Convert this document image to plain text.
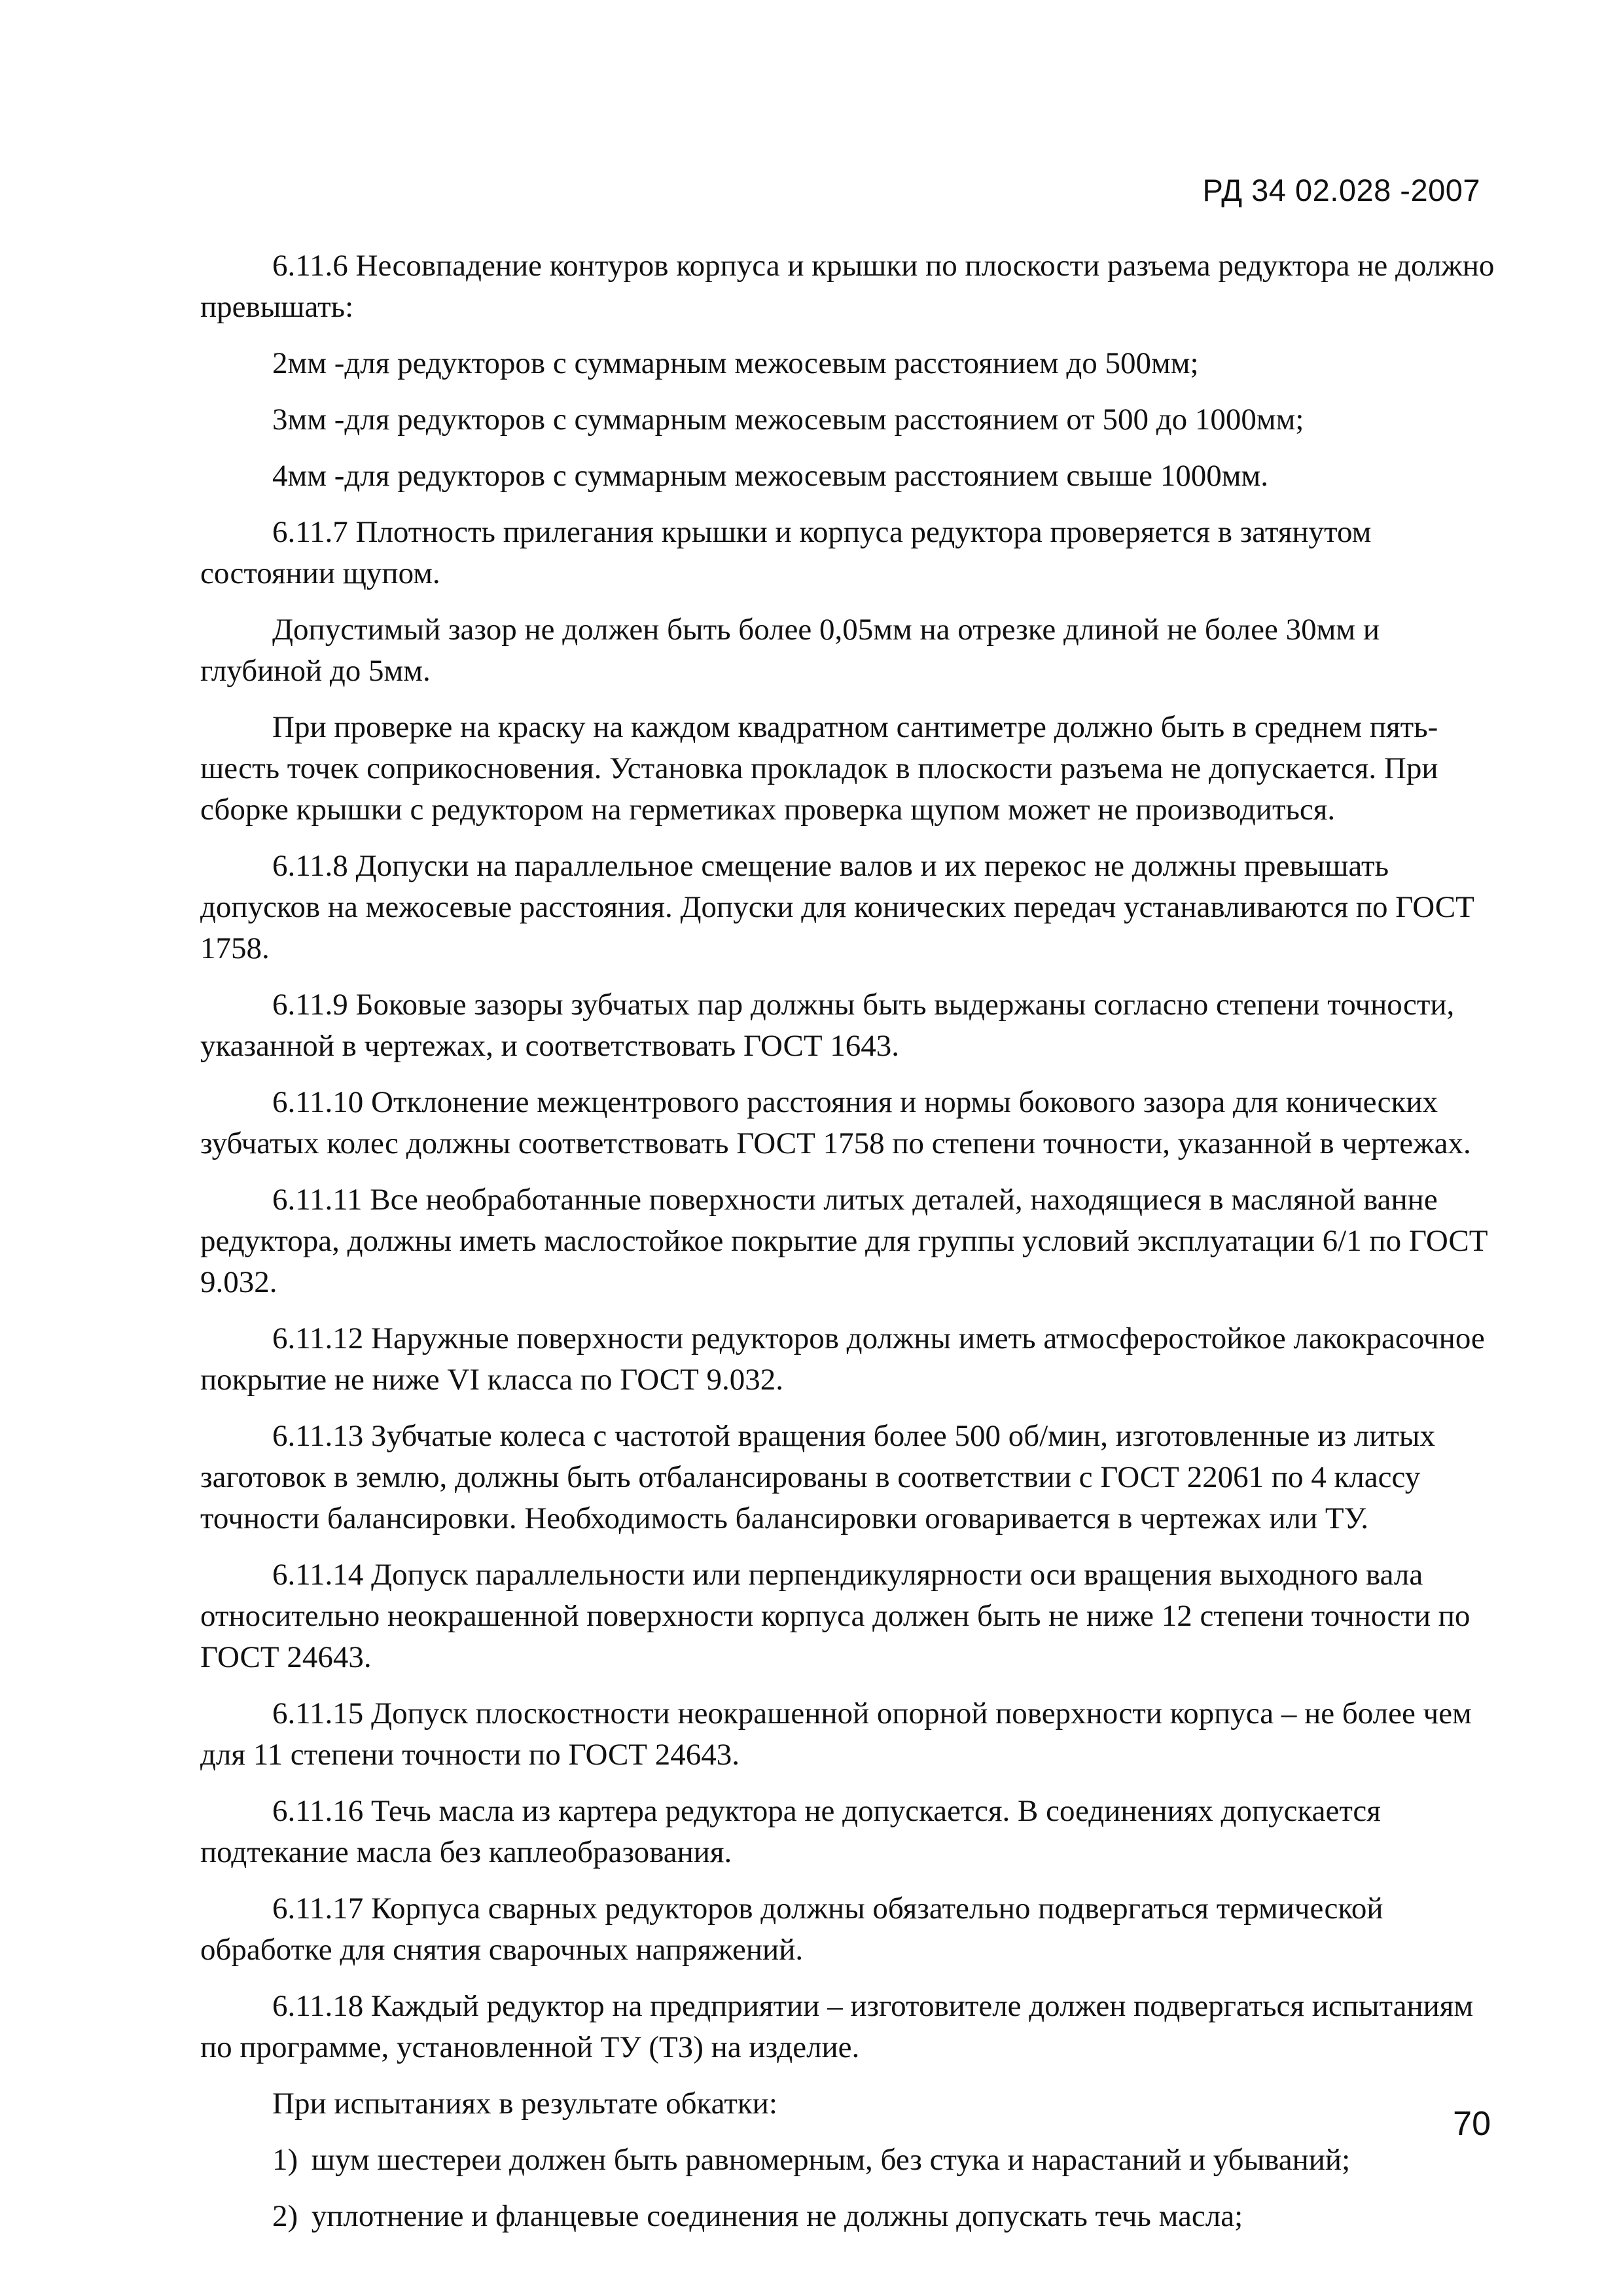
РД 34 02.028 -2007

6.11.6 Несовпадение контуров корпуса и крышки по плоскости разъема редуктора не должно превышать:

2мм -для редукторов с суммарным межосевым расстоянием до 500мм;

3мм -для редукторов с суммарным межосевым расстоянием от 500 до 1000мм;

4мм -для редукторов с суммарным межосевым расстоянием свыше 1000мм.

6.11.7 Плотность прилегания крышки и корпуса редуктора проверяется в затянутом состоянии щупом.

Допустимый зазор не должен быть более 0,05мм на отрезке длиной не более 30мм и глубиной до 5мм.

При проверке на краску на каждом квадратном сантиметре должно быть в среднем пять-шесть точек соприкосновения. Установка прокладок в плоскости разъема не допускается. При сборке крышки с редуктором на герметиках проверка щупом может не производиться.

6.11.8 Допуски на параллельное смещение валов и их перекос не должны превышать допусков на межосевые расстояния. Допуски для конических передач устанавливаются по ГОСТ 1758.

6.11.9 Боковые зазоры зубчатых пар должны быть выдержаны согласно степени точности, указанной в чертежах, и соответствовать ГОСТ 1643.

6.11.10 Отклонение межцентрового расстояния и нормы бокового зазора для конических зубчатых колес должны соответствовать ГОСТ 1758 по степени точности, указанной в чертежах.

6.11.11 Все необработанные поверхности литых деталей, находящиеся в масляной ванне редуктора, должны иметь маслостойкое покрытие для группы условий эксплуатации 6/1 по ГОСТ 9.032.

6.11.12 Наружные поверхности редукторов должны иметь атмосферостойкое лакокрасочное покрытие не ниже VI класса по ГОСТ 9.032.

6.11.13 Зубчатые колеса с частотой вращения более 500 об/мин, изготовленные из литых заготовок в землю, должны быть отбалансированы в соответствии с ГОСТ 22061 по 4 классу точности балансировки. Необходимость балансировки оговаривается в чертежах или ТУ.

6.11.14 Допуск параллельности или перпендикулярности оси вращения выходного вала относительно неокрашенной поверхности корпуса должен быть не ниже 12 степени точности по ГОСТ 24643.

6.11.15 Допуск плоскостности неокрашенной опорной поверхности корпуса – не более чем для 11 степени точности по ГОСТ 24643.

6.11.16 Течь масла из картера редуктора не допускается. В соединениях допускается подтекание масла без каплеобразования.

6.11.17 Корпуса сварных редукторов должны обязательно подвергаться термической обработке для снятия сварочных напряжений.

6.11.18 Каждый редуктор на предприятии – изготовителе должен подвергаться испытаниям по программе, установленной ТУ (ТЗ) на изделие.

При испытаниях в результате обкатки:

1) шум шестереи должен быть равномерным, без стука и нарастаний и убываний;

2) уплотнение и фланцевые соединения не должны допускать течь масла;

70
